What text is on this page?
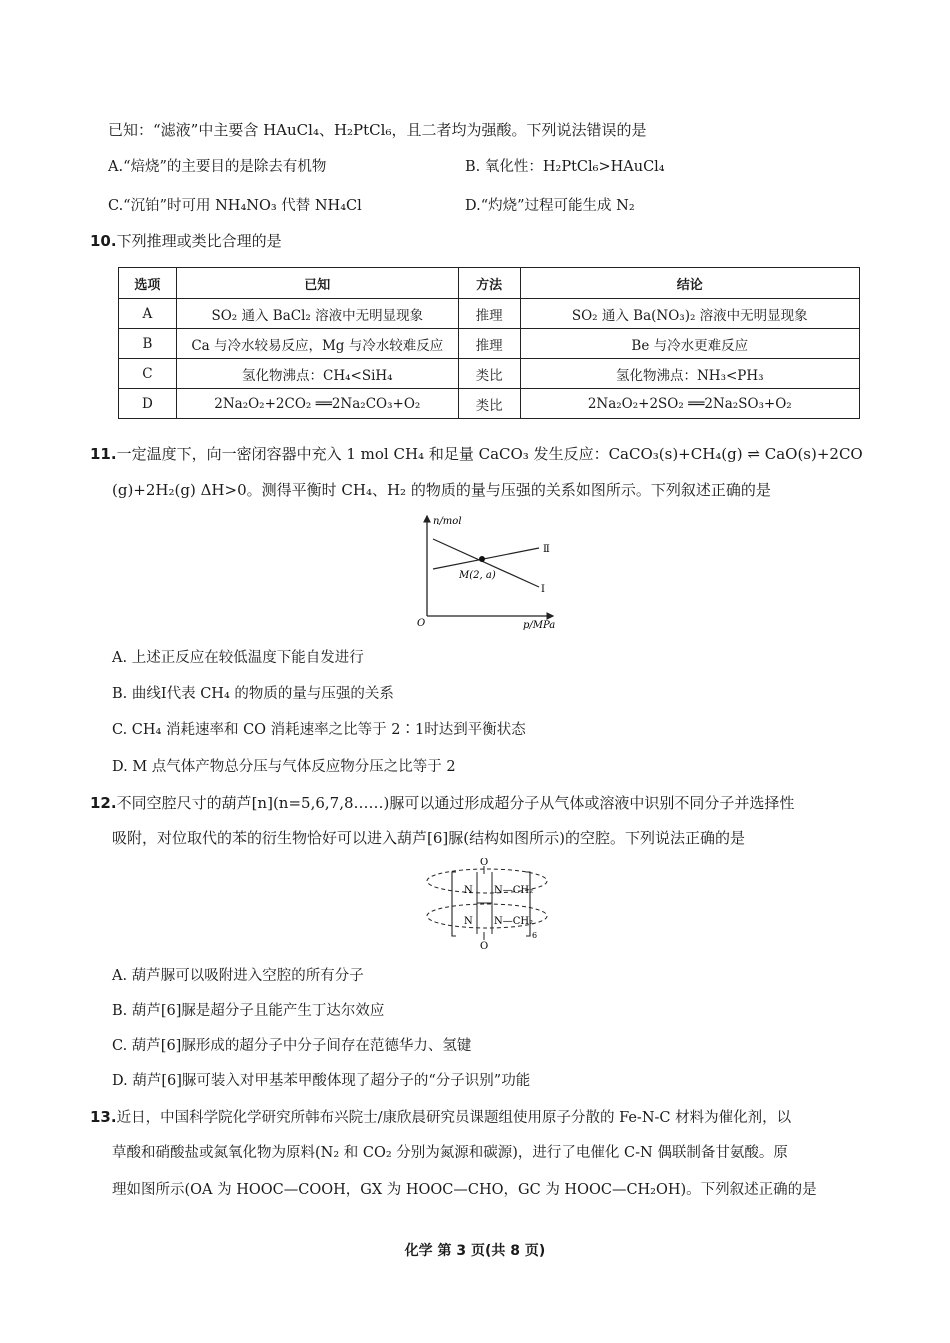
已知：“滤液”中主要含 HAuCl₄、H₂PtCl₆，且二者均为强酸。下列说法错误的是
A.“焙烧”的主要目的是除去有机物	B. 氧化性：H₂PtCl₆>HAuCl₄
C.“沉铂”时可用 NH₄NO₃ 代替 NH₄Cl	D.“灼烧”过程可能生成 N₂
10.下列推理或类比合理的是
选项	已知	方法	结论
A	SO₂ 通入 BaCl₂ 溶液中无明显现象	推理	SO₂ 通入 Ba(NO₃)₂ 溶液中无明显现象
B	Ca 与冷水较易反应，Mg 与冷水较难反应	推理	Be 与冷水更难反应
C	氢化物沸点：CH₄<SiH₄	类比	氢化物沸点：NH₃<PH₃
D	2Na₂O₂+2CO₂ ══2Na₂CO₃+O₂	类比	2Na₂O₂+2SO₂ ══2Na₂SO₃+O₂
11.一定温度下，向一密闭容器中充入 1 mol CH₄ 和足量 CaCO₃ 发生反应：CaCO₃(s)+CH₄(g) ⇌ CaO(s)+2CO
(g)+2H₂(g) ΔH>0。测得平衡时 CH₄、H₂ 的物质的量与压强的关系如图所示。下列叙述正确的是
n/mol
p/MPa
O
M(2, a)
Ⅰ
Ⅱ
A. 上述正反应在较低温度下能自发进行
B. 曲线Ⅰ代表 CH₄ 的物质的量与压强的关系
C. CH₄ 消耗速率和 CO 消耗速率之比等于 2∶1时达到平衡状态
D. M 点气体产物总分压与气体反应物分压之比等于 2
12.不同空腔尺寸的葫芦[n](n=5,6,7,8……)脲可以通过形成超分子从气体或溶液中识别不同分子并选择性
吸附，对位取代的苯的衍生物恰好可以进入葫芦[6]脲(结构如图所示)的空腔。下列说法正确的是
O
O
N N—CH₂
N N—CH₂
6
A. 葫芦脲可以吸附进入空腔的所有分子
B. 葫芦[6]脲是超分子且能产生丁达尔效应
C. 葫芦[6]脲形成的超分子中分子间存在范德华力、氢键
D. 葫芦[6]脲可装入对甲基苯甲酸体现了超分子的“分子识别”功能
13.近日，中国科学院化学研究所韩布兴院士/康欣晨研究员课题组使用原子分散的 Fe-N-C 材料为催化剂，以
草酸和硝酸盐或氮氧化物为原料(N₂ 和 CO₂ 分别为氮源和碳源)，进行了电催化 C-N 偶联制备甘氨酸。原
理如图所示(OA 为 HOOC—COOH，GX 为 HOOC—CHO，GC 为 HOOC—CH₂OH)。下列叙述正确的是
化学 第 3 页(共 8 页)
